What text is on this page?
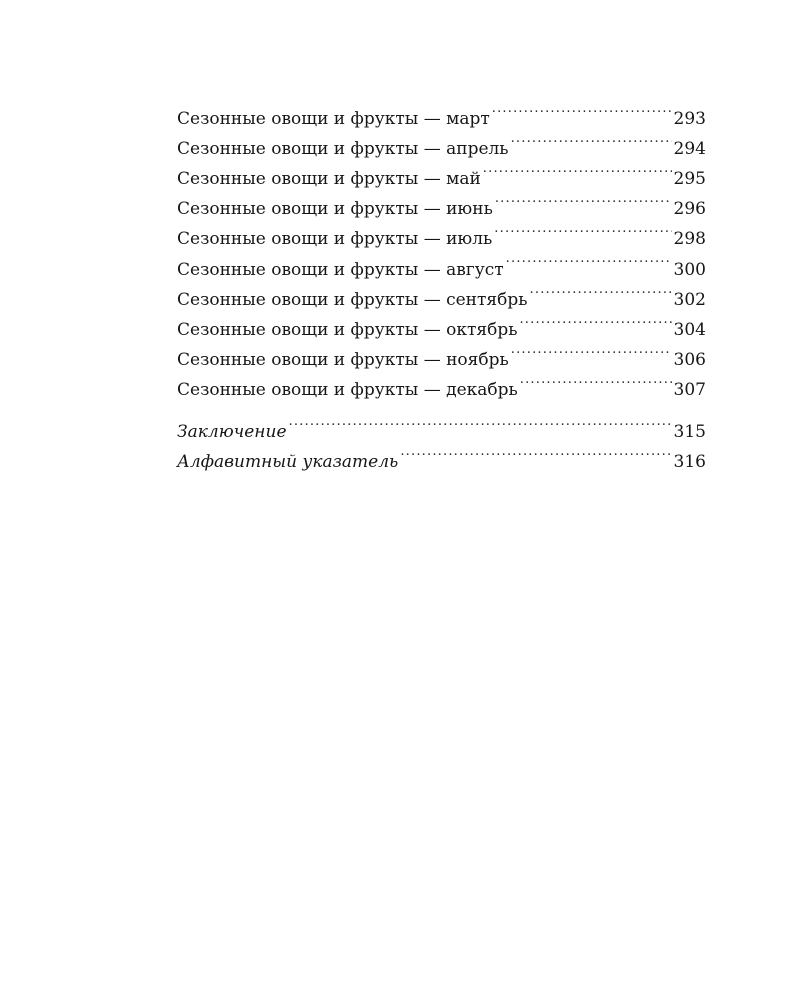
Сезонные овощи и фрукты — март .....	293
Сезонные овощи и фрукты — апрель .....	294
Сезонные овощи и фрукты — май .....	295
Сезонные овощи и фрукты — июнь .....	296
Сезонные овощи и фрукты — июль .....	298
Сезонные овощи и фрукты — август .....	300
Сезонные овощи и фрукты — сентябрь .....	302
Сезонные овощи и фрукты — октябрь .....	304
Сезонные овощи и фрукты — ноябрь .....	306
Сезонные овощи и фрукты — декабрь .....	307
Заключение .....	315
Алфавитный указатель .....	316
